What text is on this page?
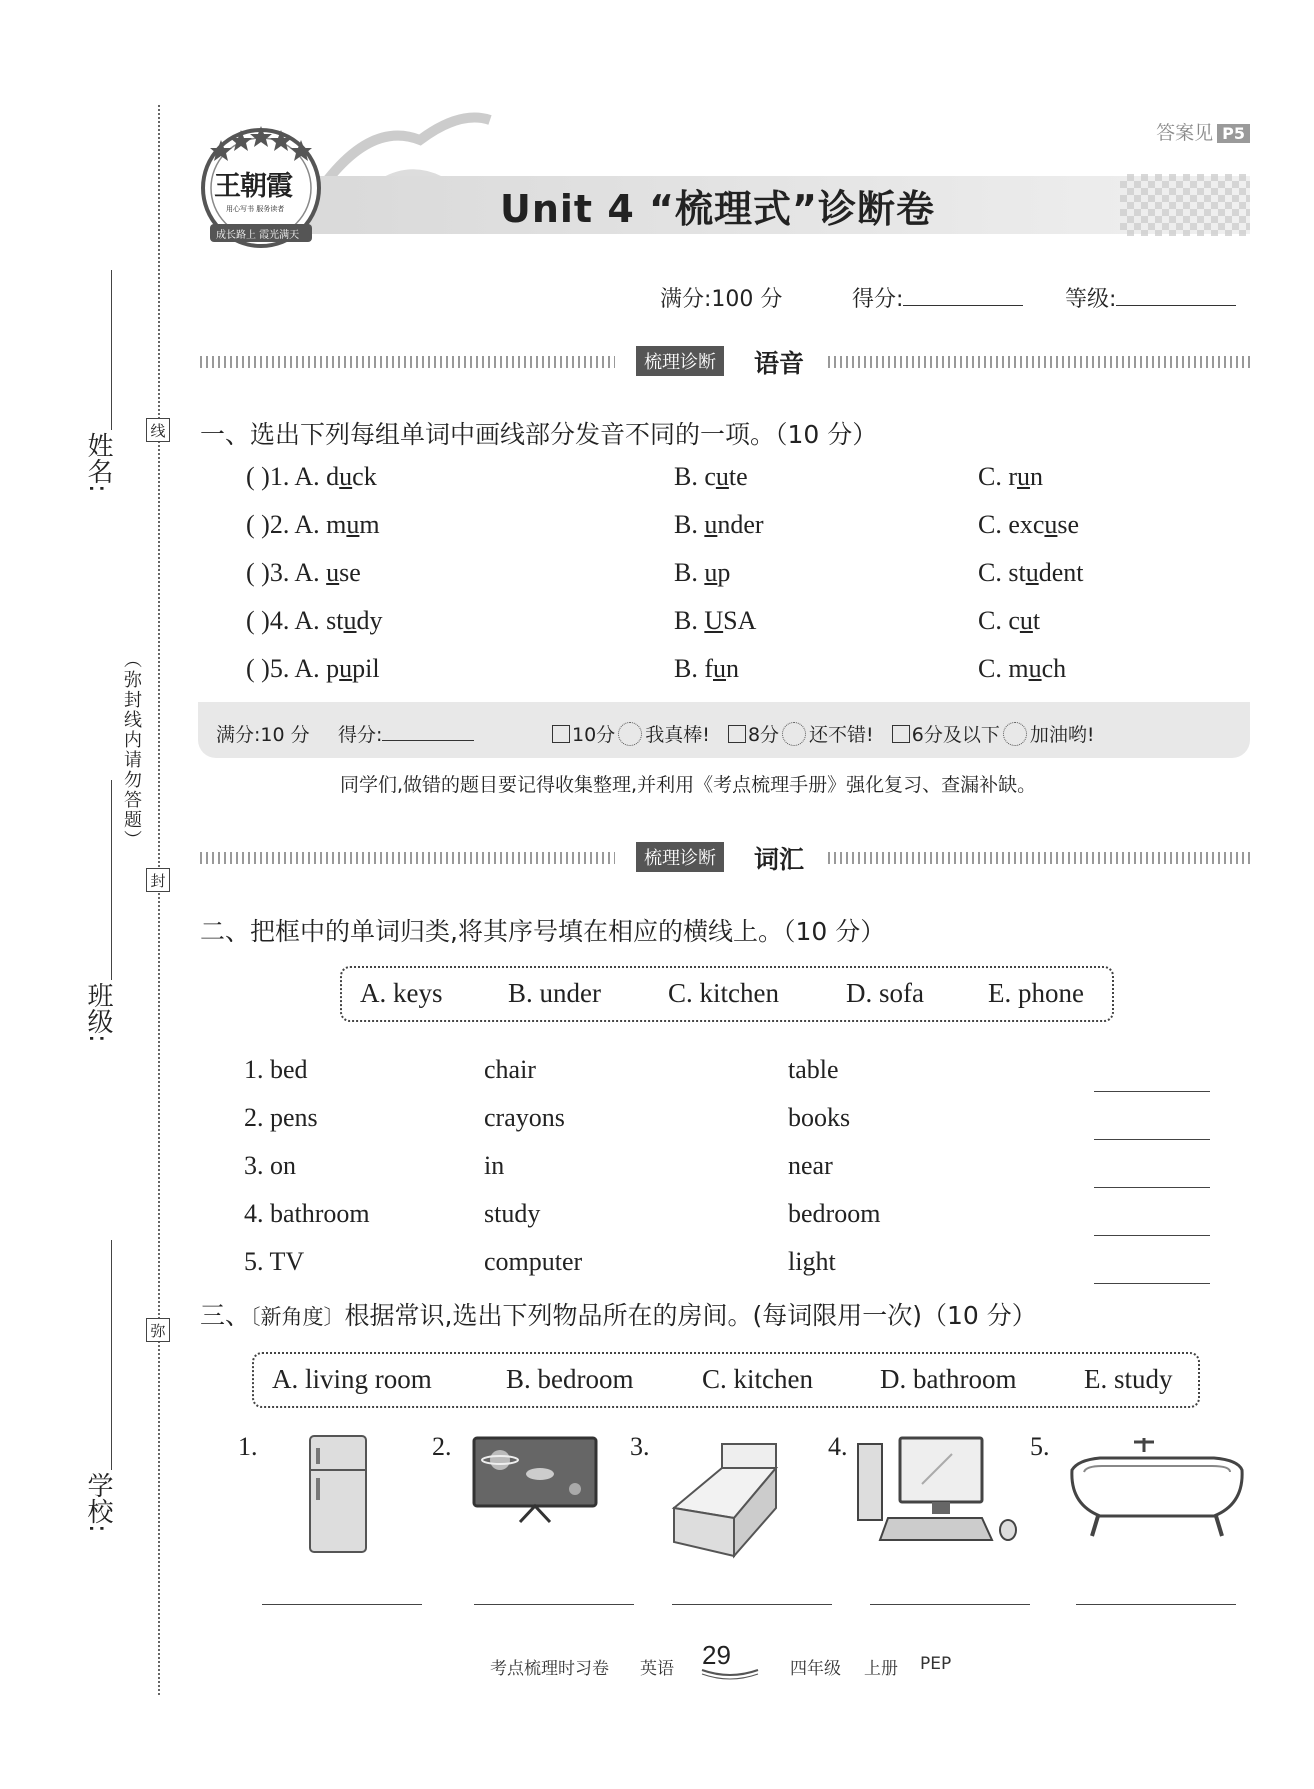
姓名:
班级:
学校:
（弥封线内请勿答题）
线
封
弥
王朝霞
用心写书 服务读者
成长路上 霞光满天
答案见 P5
Unit 4 “梳理式”诊断卷
满分:100 分	得分:	等级:
梳理诊断	语音
一、选出下列每组单词中画线部分发音不同的一项。（10 分）
( )1. A. duck	B. cute	C. run
( )2. A. mum	B. under	C. excuse
( )3. A. use	B. up	C. student
( )4. A. study	B. USA	C. cut
( )5. A. pupil	B. fun	C. much
满分:10 分 得分:	10分 我真棒! 8分 还不错! 6分及以下 加油哟!
同学们,做错的题目要记得收集整理,并利用《考点梳理手册》强化复习、查漏补缺。
梳理诊断	词汇
二、把框中的单词归类,将其序号填在相应的横线上。（10 分）
A. keys B. under C. kitchen D. sofa E. phone
1. bed	chair	table
2. pens	crayons	books
3. on	in	near
4. bathroom	study	bedroom
5. TV	computer	light
三、〔新角度〕根据常识,选出下列物品所在的房间。(每词限用一次)（10 分）
A. living room	B. bedroom	C. kitchen D. bathroom	E. study
1.	2.	3.	4.	5.
考点梳理时习卷 英语 29	四年级 上册 PEP
